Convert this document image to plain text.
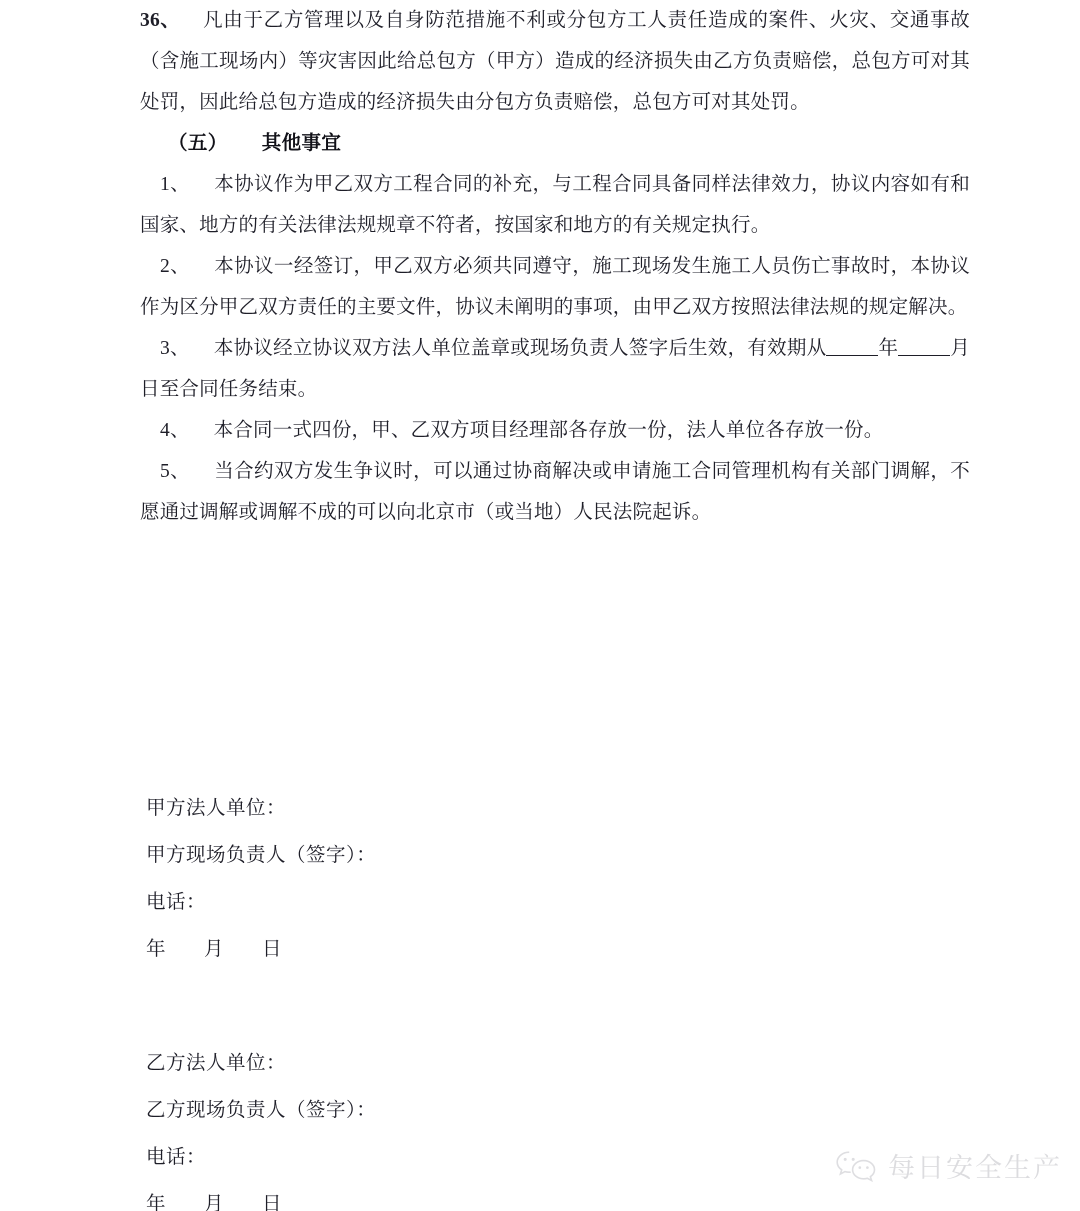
36、 凡由于乙方管理以及自身防范措施不利或分包方工人责任造成的案件、火灾、交通事故（含施工现场内）等灾害因此给总包方（甲方）造成的经济损失由乙方负责赔偿，总包方可对其处罚，因此给总包方造成的经济损失由分包方负责赔偿，总包方可对其处罚。

（五） 其他事宜

1、 本协议作为甲乙双方工程合同的补充，与工程合同具备同样法律效力，协议内容如有和国家、地方的有关法律法规规章不符者，按国家和地方的有关规定执行。

2、 本协议一经签订，甲乙双方必须共同遵守，施工现场发生施工人员伤亡事故时，本协议作为区分甲乙双方责任的主要文件，协议未阐明的事项，由甲乙双方按照法律法规的规定解决。

3、 本协议经立协议双方法人单位盖章或现场负责人签字后生效，有效期从	年	月日至合同任务结束。

4、 本合同一式四份，甲、乙双方项目经理部各存放一份，法人单位各存放一份。

5、 当合约双方发生争议时，可以通过协商解决或申请施工合同管理机构有关部门调解，不愿通过调解或调解不成的可以向北京市（或当地）人民法院起诉。

甲方法人单位：

甲方现场负责人（签字）：

电话：

年 月 日

乙方法人单位：

乙方现场负责人（签字）：

电话：

年 月 日

每日安全生产
